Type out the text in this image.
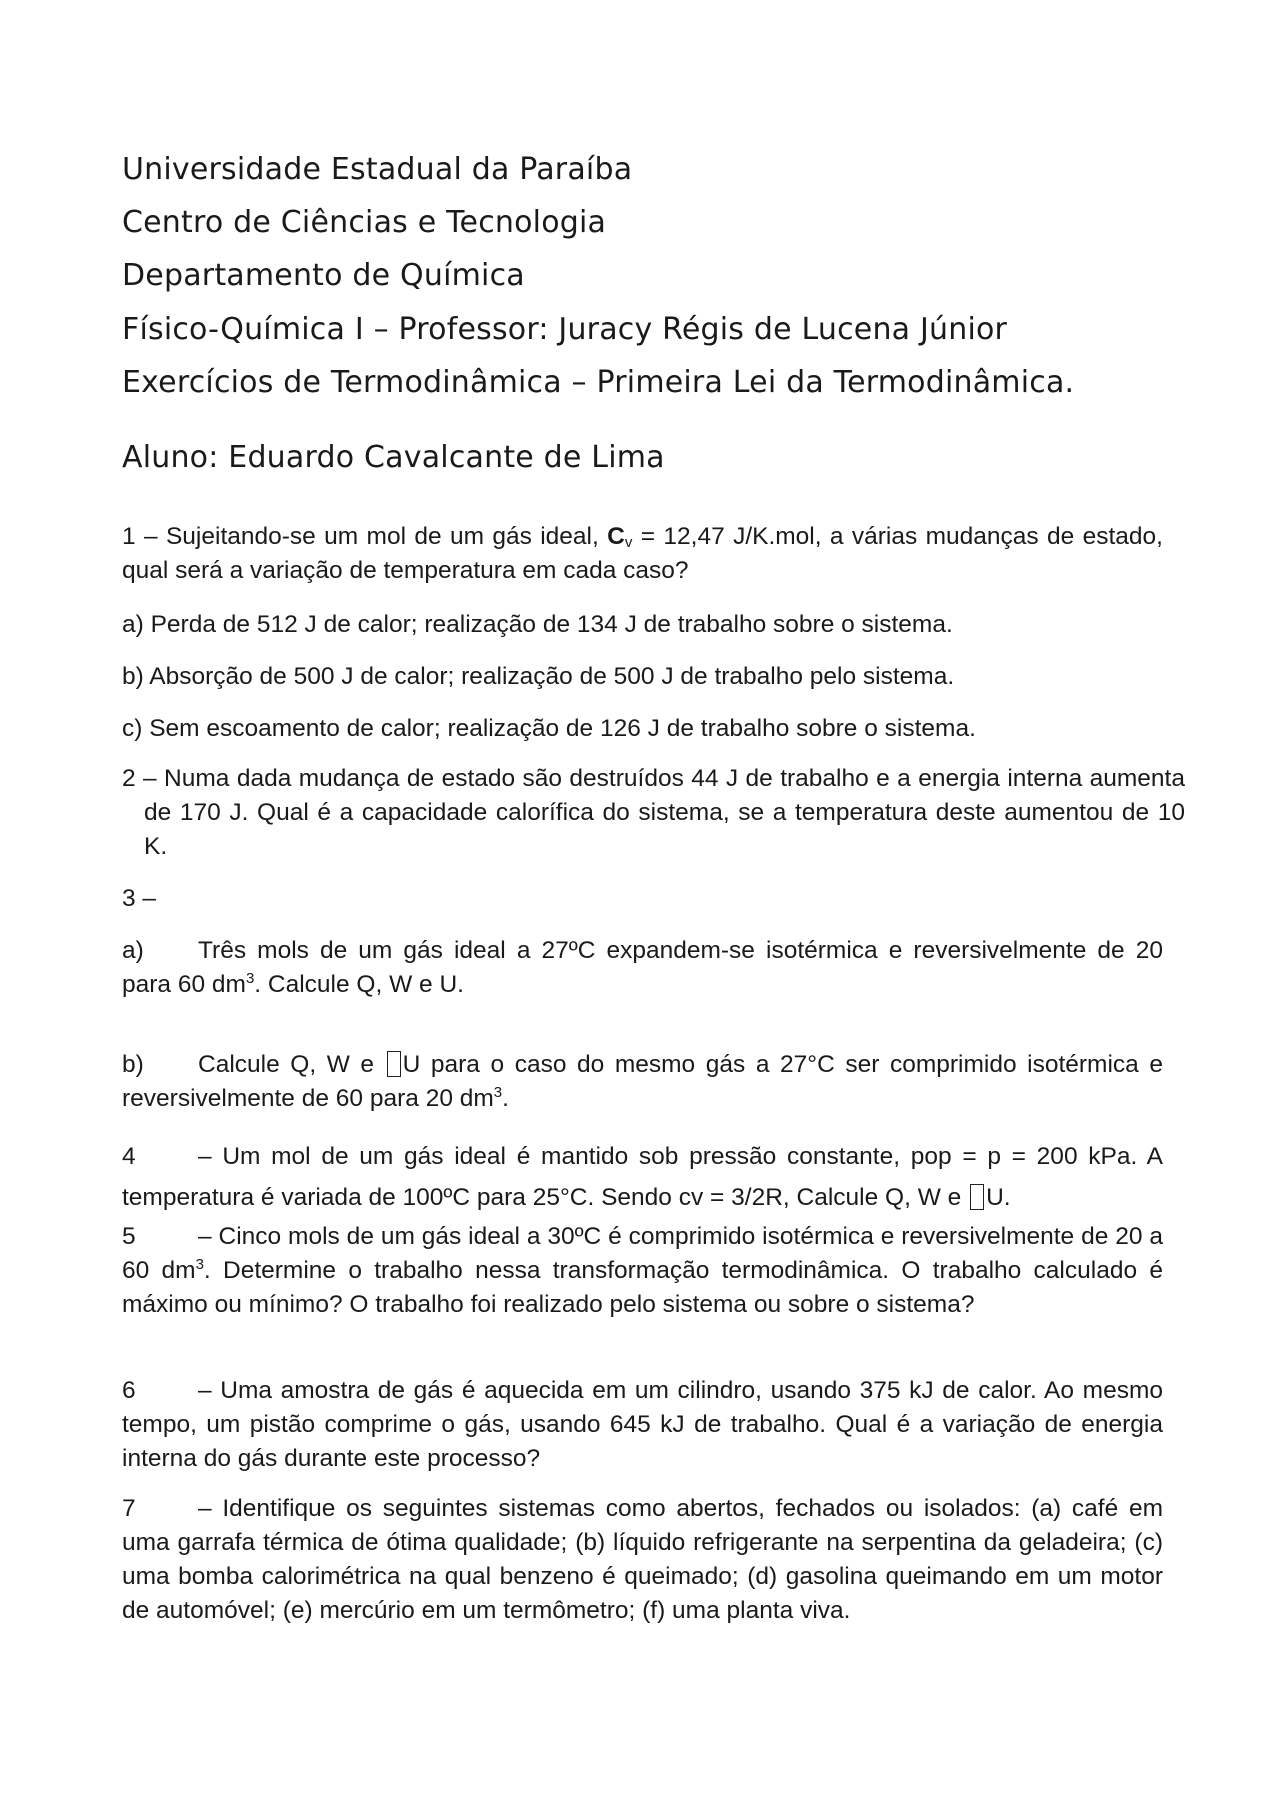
Universidade Estadual da Paraíba

Centro de Ciências e Tecnologia

Departamento de Química

Físico-Química I – Professor: Juracy Régis de Lucena Júnior

Exercícios de Termodinâmica – Primeira Lei da Termodinâmica.

Aluno: Eduardo Cavalcante de Lima

1 – Sujeitando-se um mol de um gás ideal, $C_v = 12,47$ J/K.mol, a várias mudanças de estado, qual será a variação de temperatura em cada caso?

a) Perda de 512 J de calor; realização de 134 J de trabalho sobre o sistema.

b) Absorção de 500 J de calor; realização de 500 J de trabalho pelo sistema.

c) Sem escoamento de calor; realização de 126 J de trabalho sobre o sistema.

2 – Numa dada mudança de estado são destruídos 44 J de trabalho e a energia interna aumenta de 170 J. Qual é a capacidade calorífica do sistema, se a temperatura deste aumentou de 10 K.

3 –

a) Três mols de um gás ideal a 27ºC expandem-se isotérmica e reversivelmente de 20 para 60 $dm^3$. Calcule Q, W e U.

b) Calcule Q, W e U para o caso do mesmo gás a 27°C ser comprimido isotérmica e reversivelmente de 60 para 20 $dm^3$.

4	– Um mol de um gás ideal é mantido sob pressão constante, pop = p = 200 kPa. A temperatura é variada de 100ºC para 25°C. Sendo cv = 3/2R, Calcule Q, W e U.

5	– Cinco mols de um gás ideal a 30ºC é comprimido isotérmica e reversivelmente de 20 a 60 $dm^3$. Determine o trabalho nessa transformação termodinâmica. O trabalho calculado é máximo ou mínimo? O trabalho foi realizado pelo sistema ou sobre o sistema?

6	– Uma amostra de gás é aquecida em um cilindro, usando 375 kJ de calor. Ao mesmo tempo, um pistão comprime o gás, usando 645 kJ de trabalho. Qual é a variação de energia interna do gás durante este processo?

7	– Identifique os seguintes sistemas como abertos, fechados ou isolados: (a) café em uma garrafa térmica de ótima qualidade; (b) líquido refrigerante na serpentina da geladeira; (c) uma bomba calorimétrica na qual benzeno é queimado; (d) gasolina queimando em um motor de automóvel; (e) mercúrio em um termômetro; (f) uma planta viva.
